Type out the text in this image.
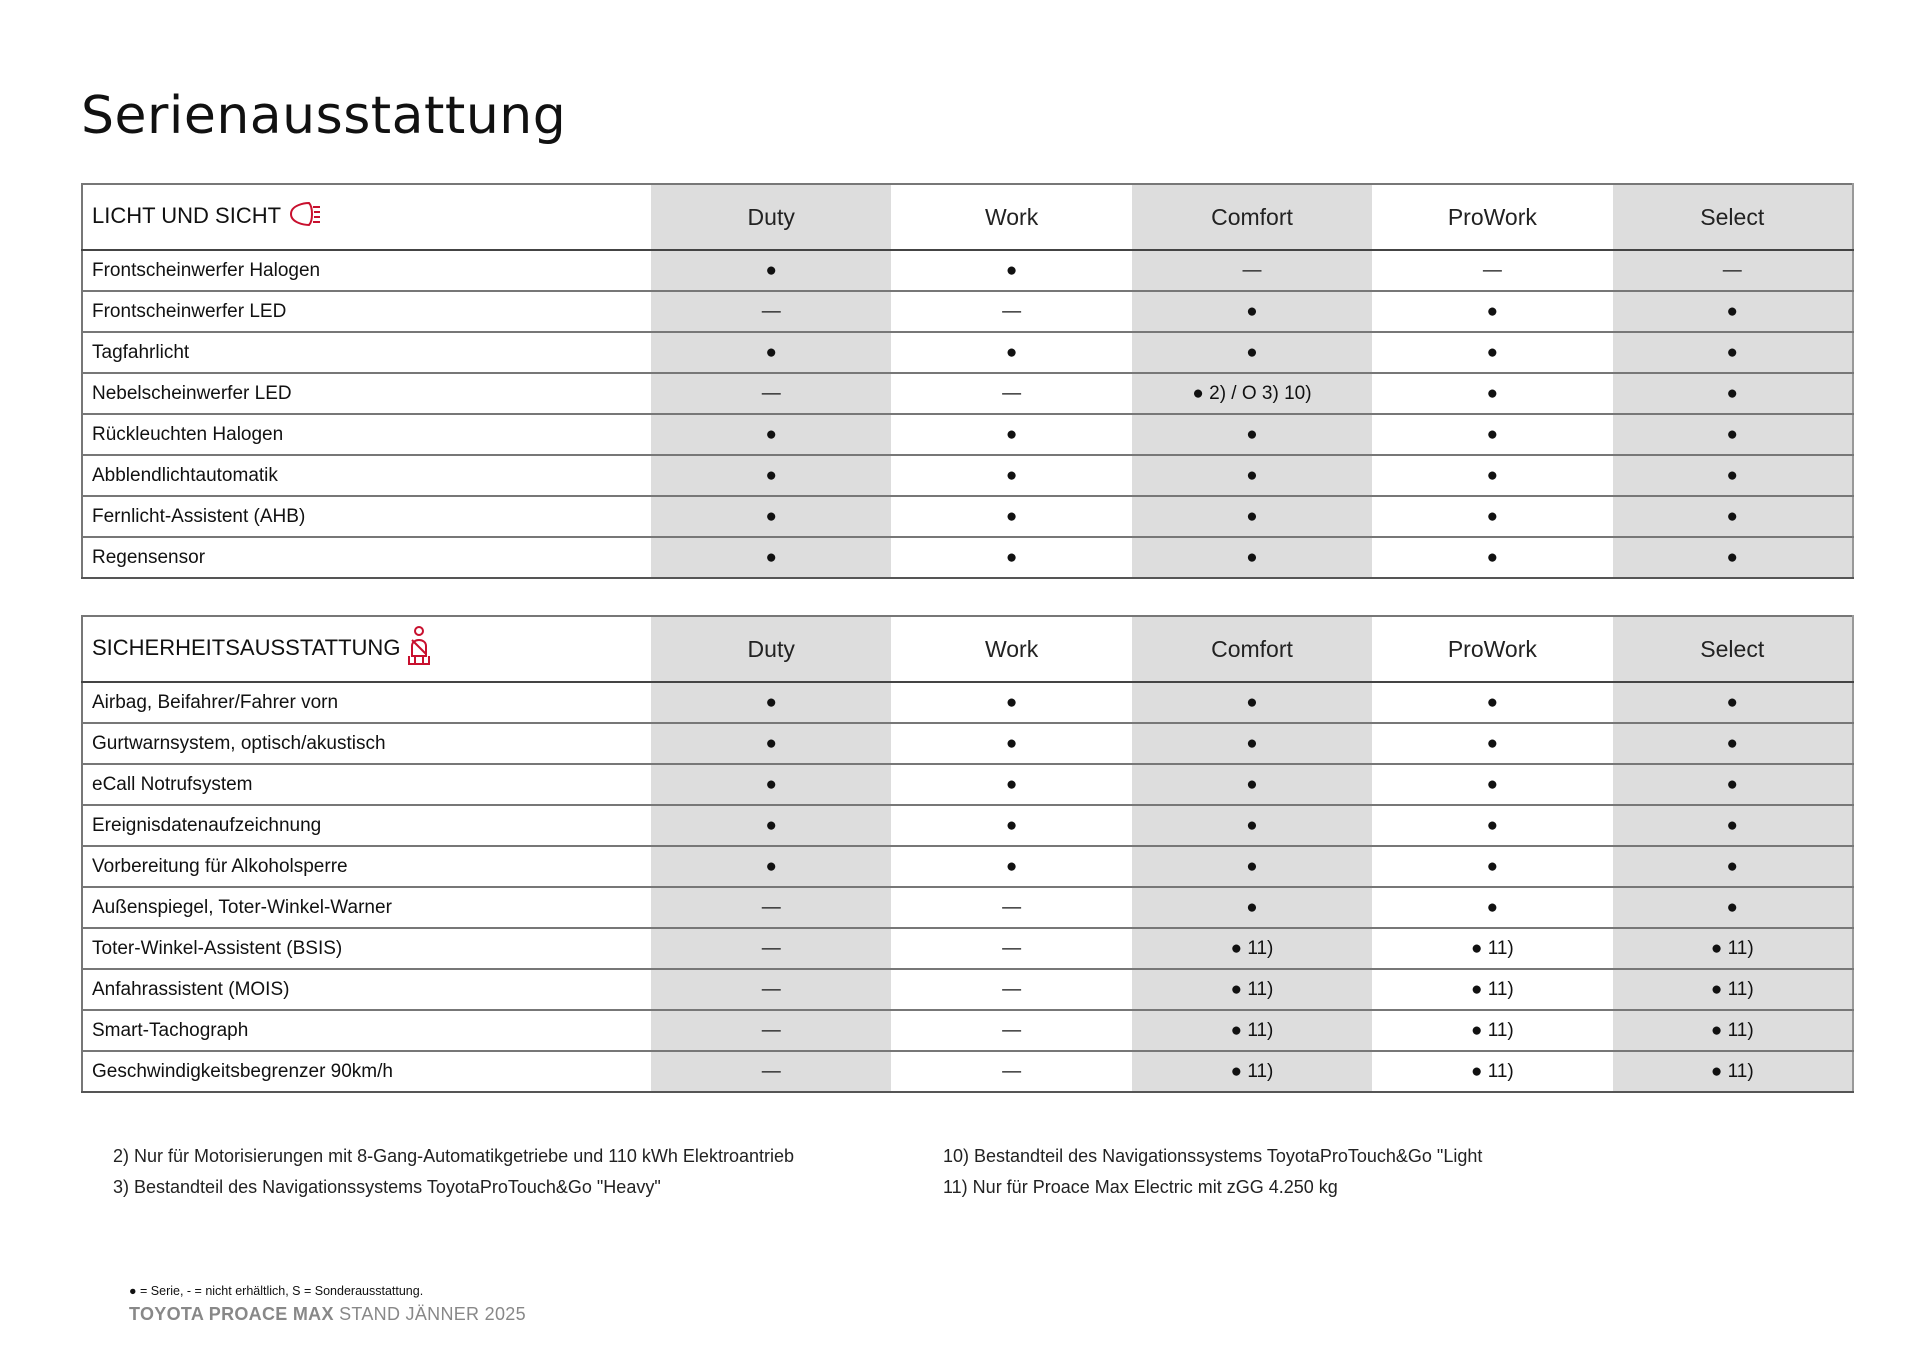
Serienausstattung
LICHT UND SICHT	Duty	Work	Comfort	ProWork	Select
Frontscheinwerfer Halogen	●	●	—	—	—
Frontscheinwerfer LED	—	—	●	●	●
Tagfahrlicht	●	●	●	●	●
Nebelscheinwerfer LED	—	—	● 2) / O 3) 10)	●	●
Rückleuchten Halogen	●	●	●	●	●
Abblendlichtautomatik	●	●	●	●	●
Fernlicht-Assistent (AHB)	●	●	●	●	●
Regensensor	●	●	●	●	●
SICHERHEITSAUSSTATTUNG	Duty	Work	Comfort	ProWork	Select
Airbag, Beifahrer/Fahrer vorn	●	●	●	●	●
Gurtwarnsystem, optisch/akustisch	●	●	●	●	●
eCall Notrufsystem	●	●	●	●	●
Ereignisdatenaufzeichnung	●	●	●	●	●
Vorbereitung für Alkoholsperre	●	●	●	●	●
Außenspiegel, Toter-Winkel-Warner	—	—	●	●	●
Toter-Winkel-Assistent (BSIS)	—	—	● 11)	● 11)	● 11)
Anfahrassistent (MOIS)	—	—	● 11)	● 11)	● 11)
Smart-Tachograph	—	—	● 11)	● 11)	● 11)
Geschwindigkeitsbegrenzer 90km/h	—	—	● 11)	● 11)	● 11)
2) Nur für Motorisierungen mit 8-Gang-Automatikgetriebe und 110 kWh Elektroantrieb
3) Bestandteil des Navigationssystems ToyotaProTouch&Go "Heavy"
10) Bestandteil des Navigationssystems ToyotaProTouch&Go "Light
11) Nur für Proace Max Electric mit zGG 4.250 kg
● = Serie, - = nicht erhältlich, S = Sonderausstattung.
TOYOTA PROACE MAX STAND JÄNNER 2025
